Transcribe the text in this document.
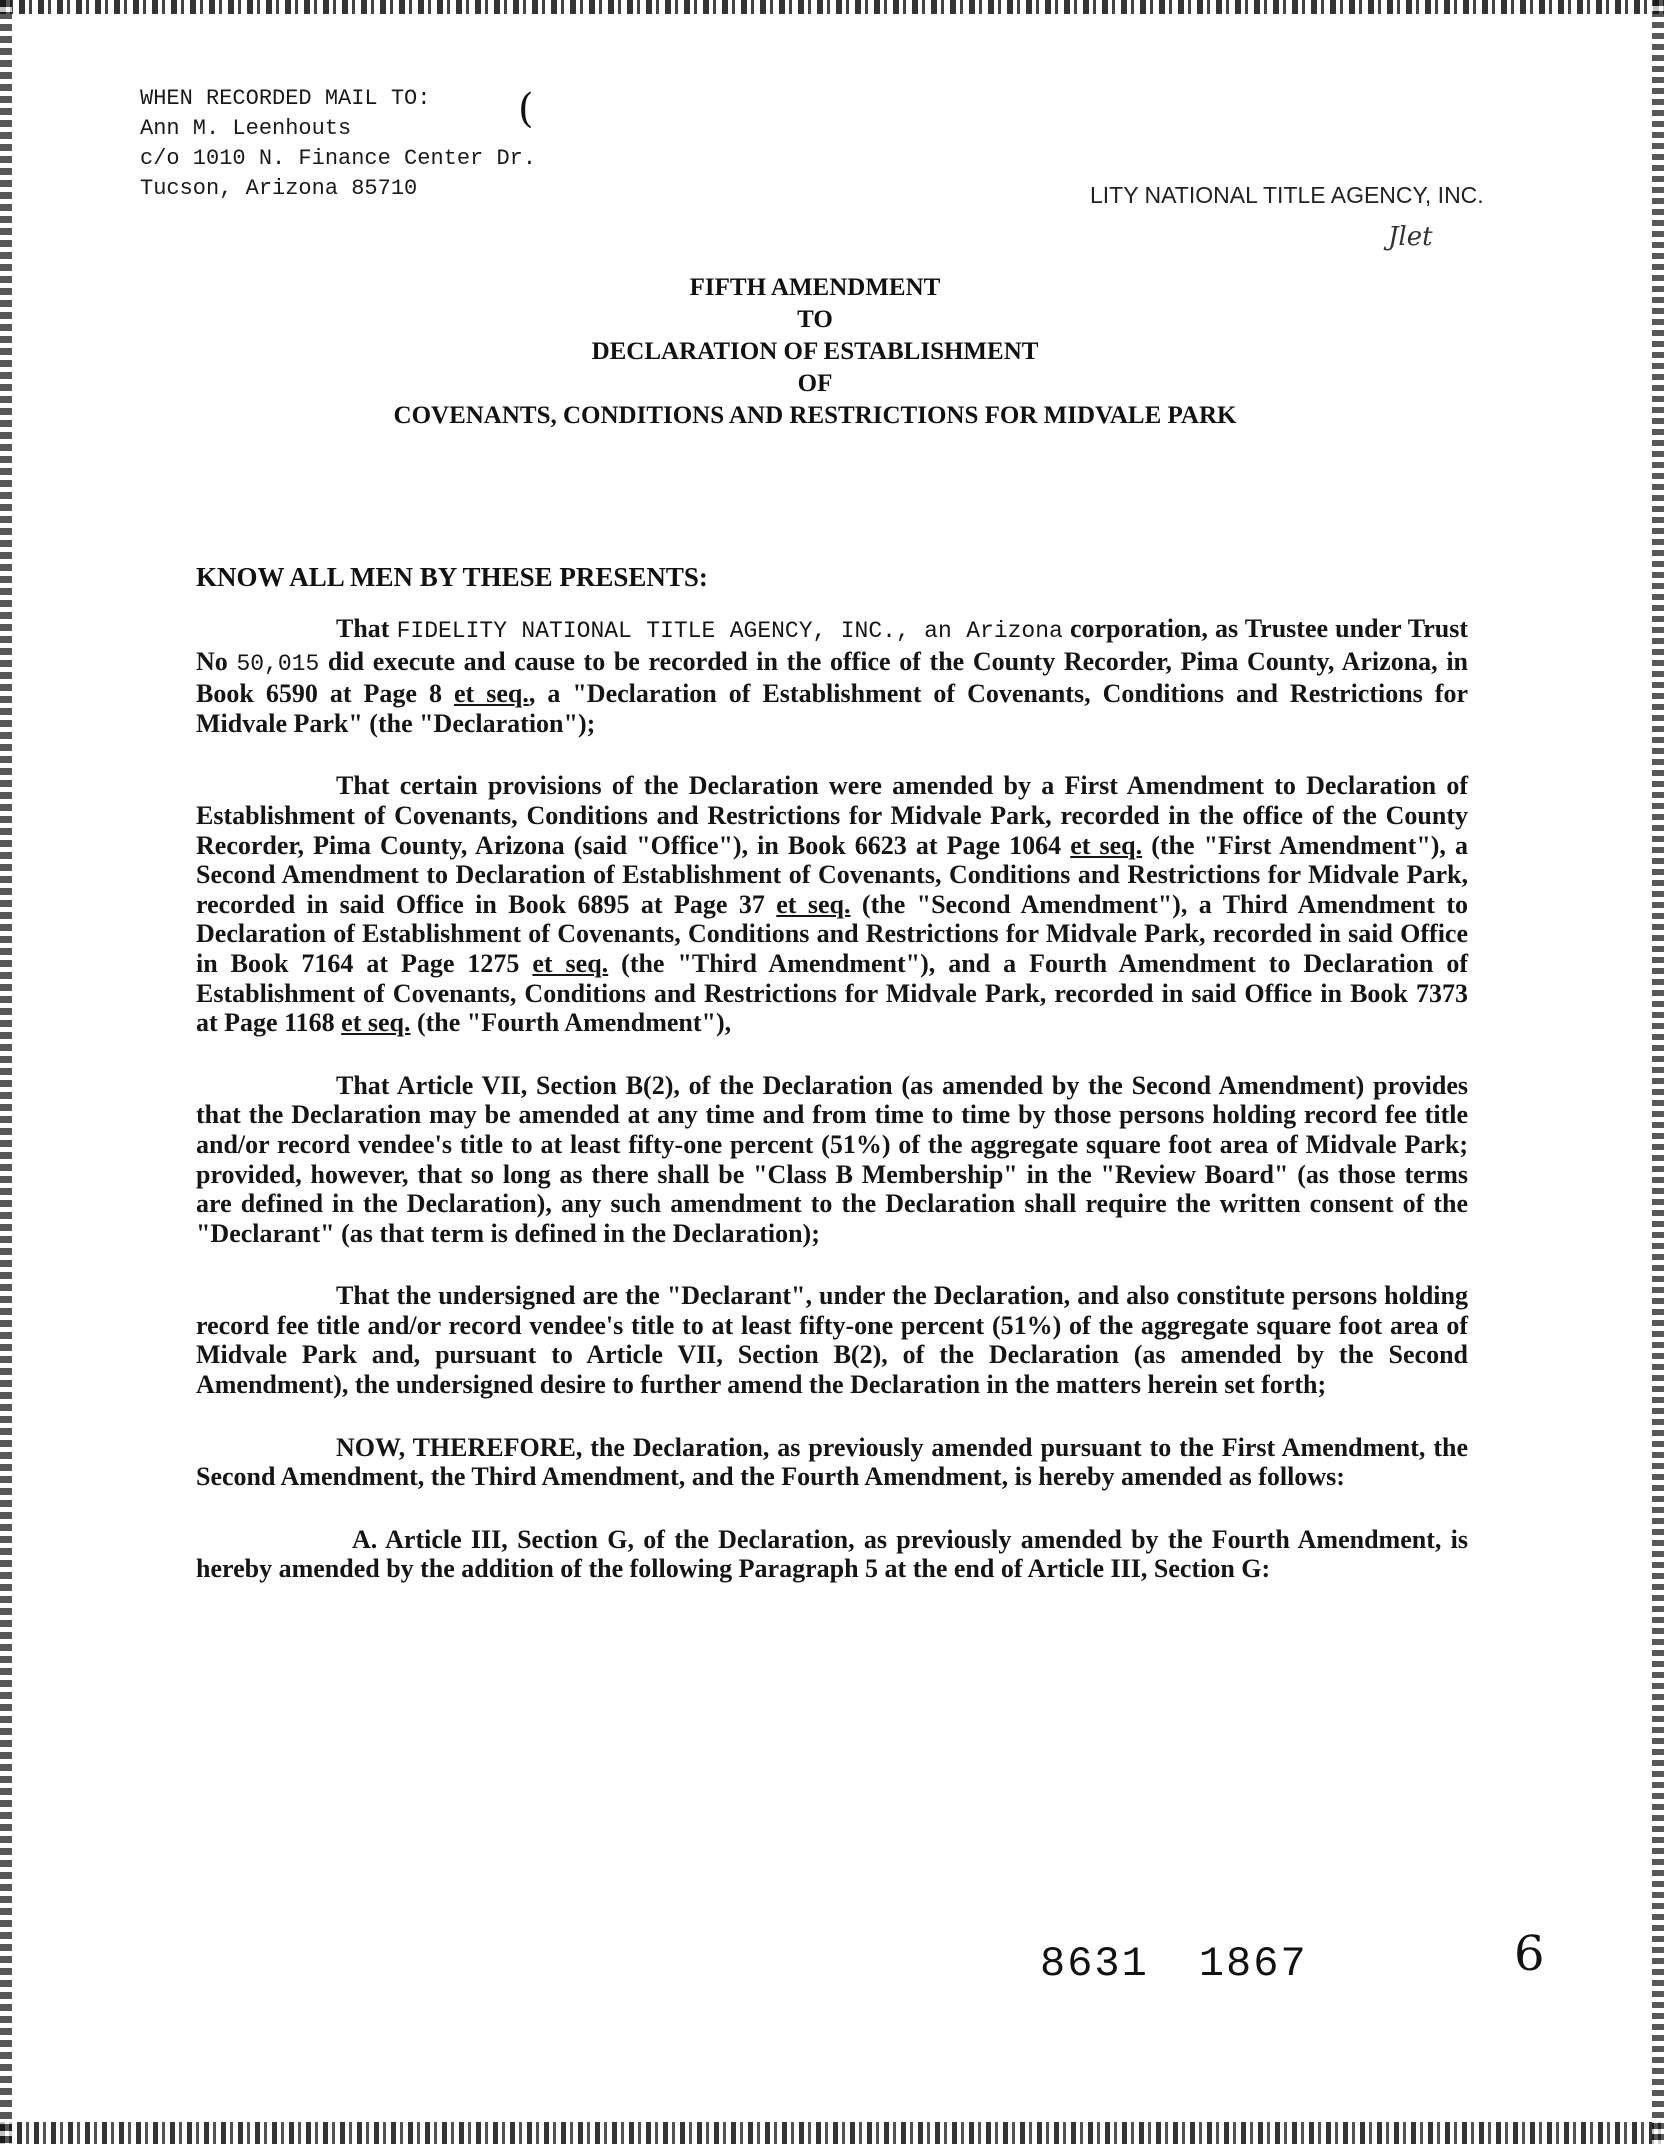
WHEN RECORDED MAIL TO:
Ann M. Leenhouts
c/o 1010 N. Finance Center Dr.
Tucson, Arizona 85710
(
LITY NATIONAL TITLE AGENCY, INC.
Jlet
FIFTH AMENDMENT
TO
DECLARATION OF ESTABLISHMENT
OF
COVENANTS, CONDITIONS AND RESTRICTIONS FOR MIDVALE PARK
KNOW ALL MEN BY THESE PRESENTS:

That FIDELITY NATIONAL TITLE AGENCY, INC., an Arizona corporation, as Trustee under Trust No 50,015 did execute and cause to be recorded in the office of the County Recorder, Pima County, Arizona, in Book 6590 at Page 8 et seq., a "Declaration of Establishment of Covenants, Conditions and Restrictions for Midvale Park" (the "Declaration");

That certain provisions of the Declaration were amended by a First Amendment to Declaration of Establishment of Covenants, Conditions and Restrictions for Midvale Park, recorded in the office of the County Recorder, Pima County, Arizona (said "Office"), in Book 6623 at Page 1064 et seq. (the "First Amendment"), a Second Amendment to Declaration of Establishment of Covenants, Conditions and Restrictions for Midvale Park, recorded in said Office in Book 6895 at Page 37 et seq. (the "Second Amendment"), a Third Amendment to Declaration of Establishment of Covenants, Conditions and Restrictions for Midvale Park, recorded in said Office in Book 7164 at Page 1275 et seq. (the "Third Amendment"), and a Fourth Amendment to Declaration of Establishment of Covenants, Conditions and Restrictions for Midvale Park, recorded in said Office in Book 7373 at Page 1168 et seq. (the "Fourth Amendment"),

That Article VII, Section B(2), of the Declaration (as amended by the Second Amendment) provides that the Declaration may be amended at any time and from time to time by those persons holding record fee title and/or record vendee's title to at least fifty-one percent (51%) of the aggregate square foot area of Midvale Park; provided, however, that so long as there shall be "Class B Membership" in the "Review Board" (as those terms are defined in the Declaration), any such amendment to the Declaration shall require the written consent of the "Declarant" (as that term is defined in the Declaration);

That the undersigned are the "Declarant", under the Declaration, and also constitute persons holding record fee title and/or record vendee's title to at least fifty-one percent (51%) of the aggregate square foot area of Midvale Park and, pursuant to Article VII, Section B(2), of the Declaration (as amended by the Second Amendment), the undersigned desire to further amend the Declaration in the matters herein set forth;

NOW, THEREFORE, the Declaration, as previously amended pursuant to the First Amendment, the Second Amendment, the Third Amendment, and the Fourth Amendment, is hereby amended as follows:

A. Article III, Section G, of the Declaration, as previously amended by the Fourth Amendment, is hereby amended by the addition of the following Paragraph 5 at the end of Article III, Section G:

8631 1867	6
